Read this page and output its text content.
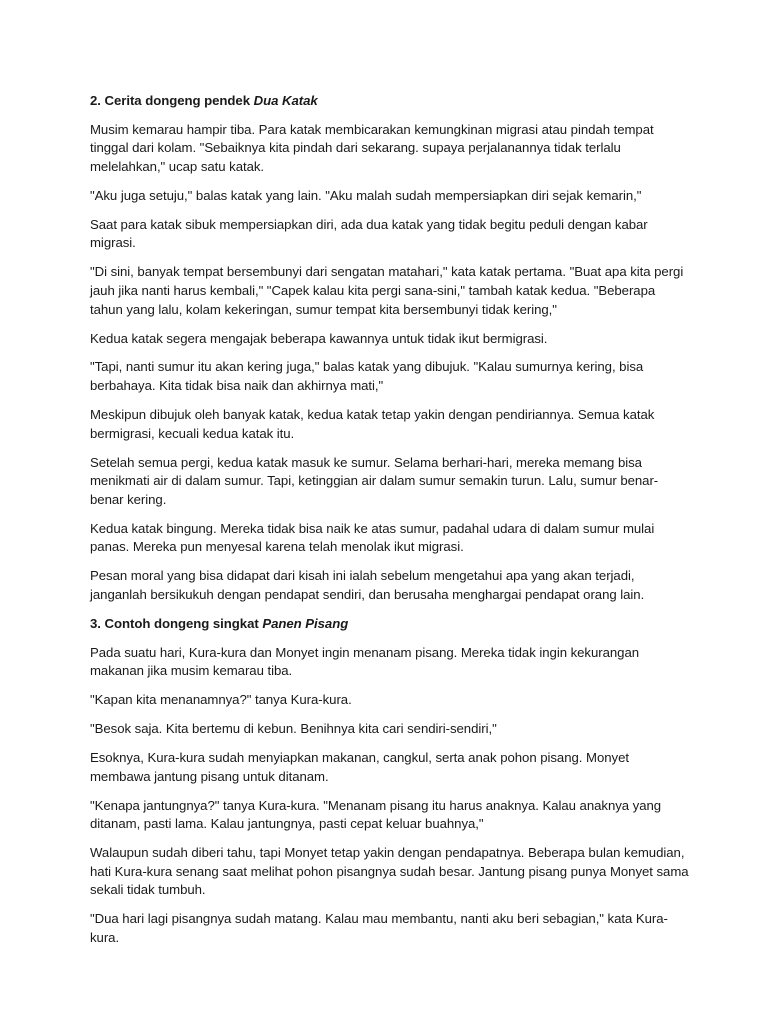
2. Cerita dongeng pendek Dua Katak

Musim kemarau hampir tiba. Para katak membicarakan kemungkinan migrasi atau pindah tempat tinggal dari kolam. "Sebaiknya kita pindah dari sekarang. supaya perjalanannya tidak terlalu melelahkan," ucap satu katak.

"Aku juga setuju," balas katak yang lain. "Aku malah sudah mempersiapkan diri sejak kemarin,"

Saat para katak sibuk mempersiapkan diri, ada dua katak yang tidak begitu peduli dengan kabar migrasi.

"Di sini, banyak tempat bersembunyi dari sengatan matahari," kata katak pertama. "Buat apa kita pergi jauh jika nanti harus kembali," "Capek kalau kita pergi sana-sini," tambah katak kedua. "Beberapa tahun yang lalu, kolam kekeringan, sumur tempat kita bersembunyi tidak kering,"

Kedua katak segera mengajak beberapa kawannya untuk tidak ikut bermigrasi.

"Tapi, nanti sumur itu akan kering juga," balas katak yang dibujuk. "Kalau sumurnya kering, bisa berbahaya. Kita tidak bisa naik dan akhirnya mati,"

Meskipun dibujuk oleh banyak katak, kedua katak tetap yakin dengan pendiriannya. Semua katak bermigrasi, kecuali kedua katak itu.

Setelah semua pergi, kedua katak masuk ke sumur. Selama berhari-hari, mereka memang bisa menikmati air di dalam sumur. Tapi, ketinggian air dalam sumur semakin turun. Lalu, sumur benar-benar kering.

Kedua katak bingung. Mereka tidak bisa naik ke atas sumur, padahal udara di dalam sumur mulai panas. Mereka pun menyesal karena telah menolak ikut migrasi.

Pesan moral yang bisa didapat dari kisah ini ialah sebelum mengetahui apa yang akan terjadi, janganlah bersikukuh dengan pendapat sendiri, dan berusaha menghargai pendapat orang lain.

3. Contoh dongeng singkat Panen Pisang

Pada suatu hari, Kura-kura dan Monyet ingin menanam pisang. Mereka tidak ingin kekurangan makanan jika musim kemarau tiba.

"Kapan kita menanamnya?" tanya Kura-kura.

"Besok saja. Kita bertemu di kebun. Benihnya kita cari sendiri-sendiri,"

Esoknya, Kura-kura sudah menyiapkan makanan, cangkul, serta anak pohon pisang. Monyet membawa jantung pisang untuk ditanam.

"Kenapa jantungnya?" tanya Kura-kura. "Menanam pisang itu harus anaknya. Kalau anaknya yang ditanam, pasti lama. Kalau jantungnya, pasti cepat keluar buahnya,"

Walaupun sudah diberi tahu, tapi Monyet tetap yakin dengan pendapatnya. Beberapa bulan kemudian, hati Kura-kura senang saat melihat pohon pisangnya sudah besar. Jantung pisang punya Monyet sama sekali tidak tumbuh.

"Dua hari lagi pisangnya sudah matang. Kalau mau membantu, nanti aku beri sebagian," kata Kura-kura.
